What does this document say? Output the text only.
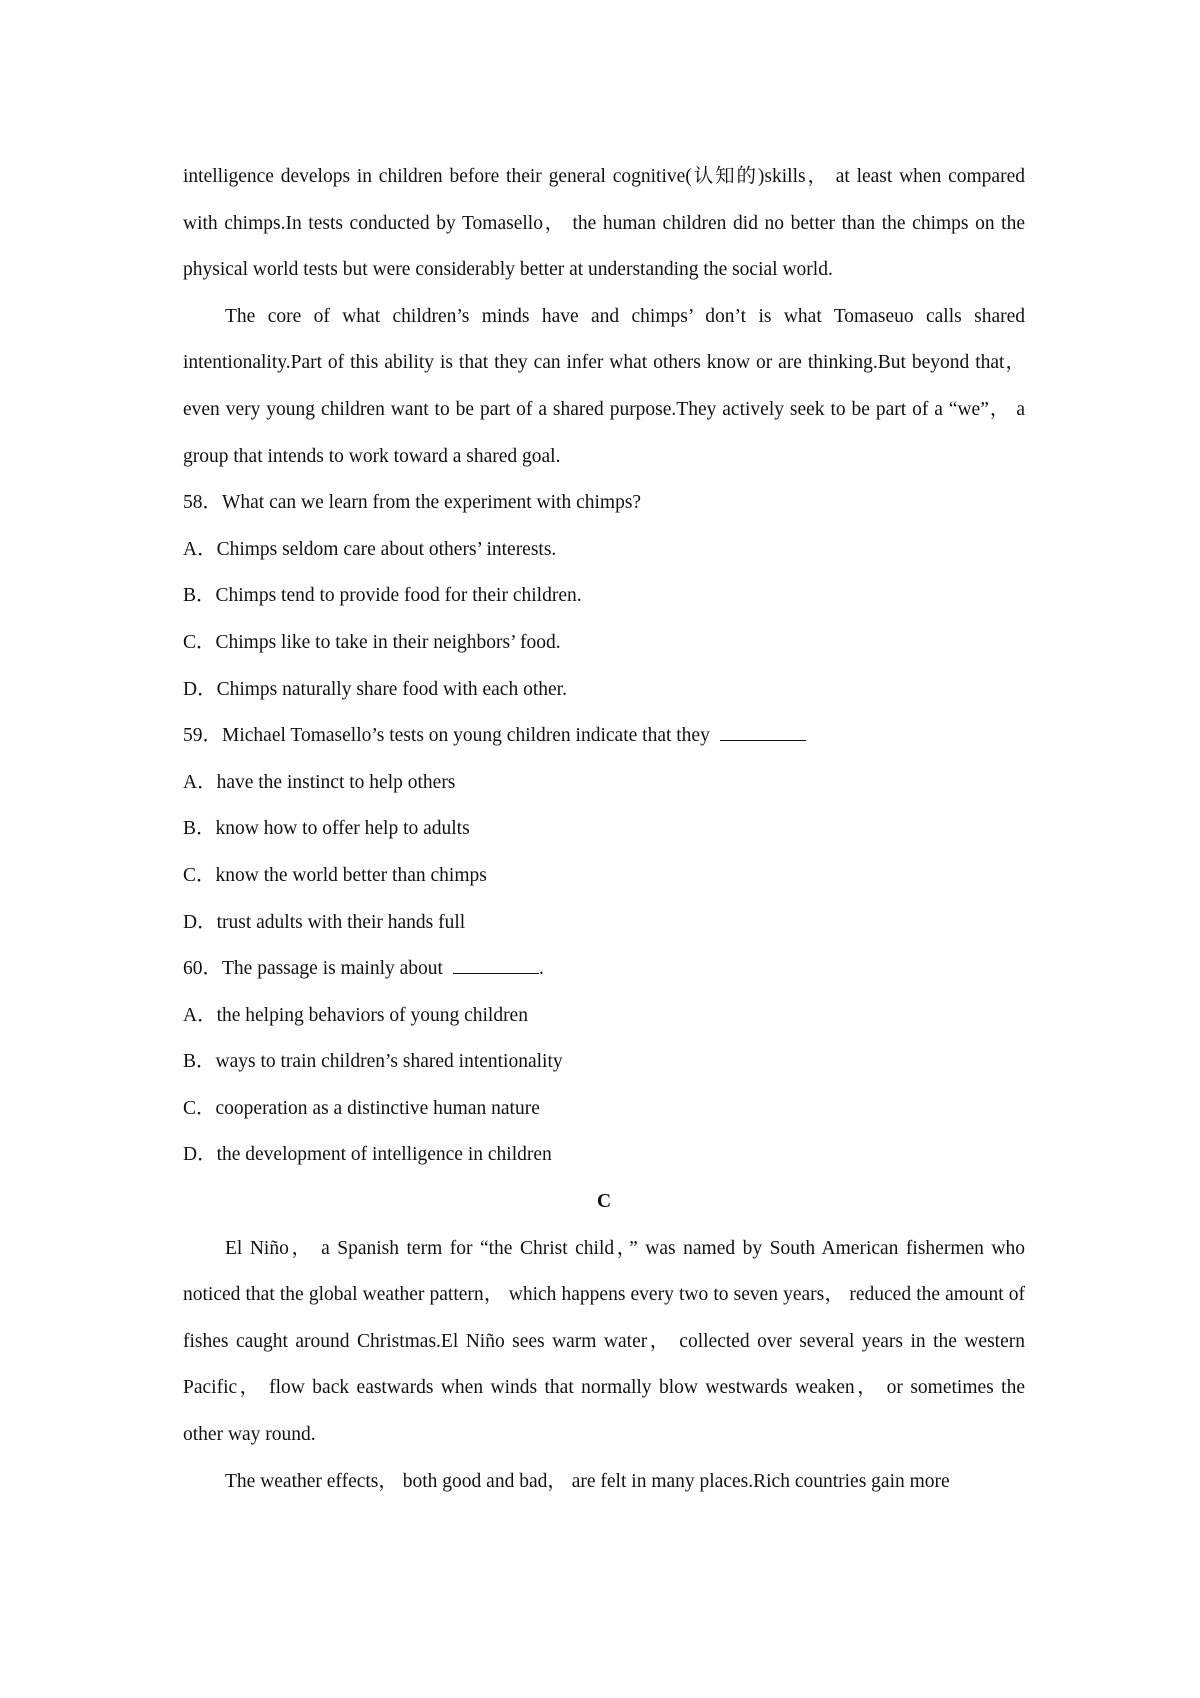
intelligence develops in children before their general cognitive(认知的)skills， at least when compared with chimps.In tests conducted by Tomasello， the human children did no better than the chimps on the physical world tests but were considerably better at understanding the social world.

The core of what children’s minds have and chimps’ don’t is what Tomaseuo calls shared intentionality.Part of this ability is that they can infer what others know or are thinking.But beyond that， even very young children want to be part of a shared purpose.They actively seek to be part of a “we”， a group that intends to work toward a shared goal.

58．What can we learn from the experiment with chimps?

A．Chimps seldom care about others’ interests.

B．Chimps tend to provide food for their children.

C．Chimps like to take in their neighbors’ food.

D．Chimps naturally share food with each other.

59．Michael Tomasello’s tests on young children indicate that they

A．have the instinct to help others

B．know how to offer help to adults

C．know the world better than chimps

D．trust adults with their hands full

60．The passage is mainly about	.

A．the helping behaviors of young children

B．ways to train children’s shared intentionality

C．cooperation as a distinctive human nature

D．the development of intelligence in children

C

El Niño， a Spanish term for “the Christ child，” was named by South American fishermen who noticed that the global weather pattern， which happens every two to seven years， reduced the amount of fishes caught around Christmas.El Niño sees warm water， collected over several years in the western Pacific， flow back eastwards when winds that normally blow westwards weaken， or sometimes the other way round.

The weather effects， both good and bad， are felt in many places.Rich countries gain more
